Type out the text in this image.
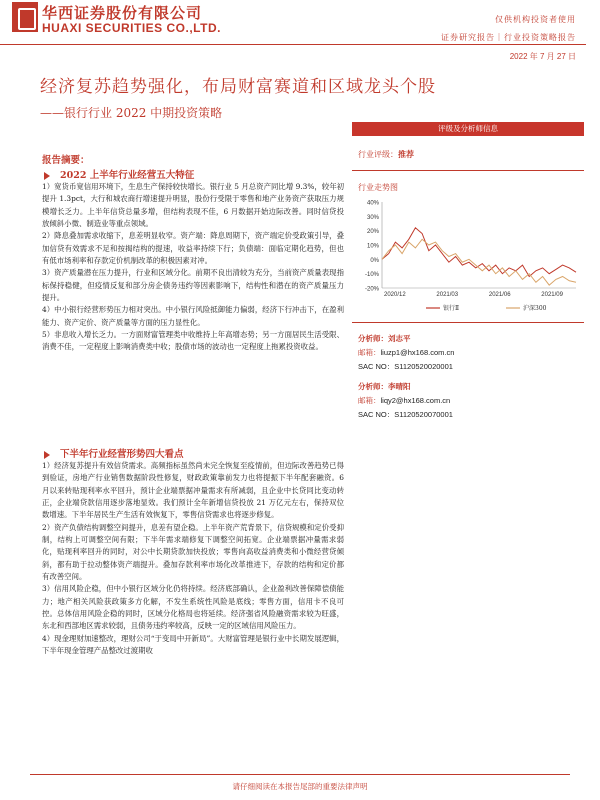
华西证券股份有限公司
HUAXI SECURITIES CO.,LTD.
仅供机构投资者使用
证券研究报告｜行业投资策略报告
2022 年 7 月 27 日
经济复苏趋势强化，布局财富赛道和区域龙头个股
——银行行业 2022 中期投资策略
评级及分析师信息
行业评级：推荐
行业走势图
40%
30%
20%
10%
0%
-10%
-20%
2020/12	2021/03	2021/06	2021/09
银行Ⅱ	沪深300
分析师：刘志平
邮箱：liuzp1@hx168.com.cn
SAC NO：S1120520020001
分析师：李晴阳
邮箱：liqy2@hx168.com.cn
SAC NO：S1120520070001
报告摘要：
2022 上半年行业经营五大特征

1）宽货币宽信用环境下，生息生产保持较快增长。银行业 5 月总资产同比增 9.3%，较年初提升 1.3pct，大行和城农商行增速提升明显，股份行受限于零售和地产业务资产获取压力规模增长乏力。上半年信贷总量多增，但结构表现不佳，6 月数据开始边际改善。同时信贷投放倾斜小微、制造业等重点领域。

2）降息叠加需求收缩下，息差明显收窄。资产端：降息周期下，资产端定价受政策引导，叠加信贷有效需求不足和按揭结构的提速，收益率持续下行；负债端：面临定期化趋势，但也有低市场利率和存款定价机制改革的积极因素对冲。

3）资产质量潜在压力提升，行业和区域分化。前期不良出清较为充分，当前资产质量表现指标保持稳健，但疫情反复和部分房企债务违约等因素影响下，结构性和潜在的资产质量压力提升。

4）中小银行经营形势压力相对突出。中小银行风险抵御能力偏弱，经济下行冲击下，在盈利能力、资产定价、资产质量等方面的压力显性化。

5）非息收入增长乏力。一方面财富管理类中收维持上年高增态势；另一方面居民生活受限、消费不佳，一定程度上影响消费类中收；股债市场的波动也一定程度上拖累投资收益。

下半年行业经营形势四大看点

1）经济复苏提升有效信贷需求。高频指标虽然尚未完全恢复至疫情前，但边际改善趋势已得到验证，房地产行业销售数据阶段性修复，财政政策靠前发力也将提振下半年配套融资。6 月以来转贴现利率水平回升，预计企业端票据冲量需求有所减弱，且企业中长贷同比变动转正，企业端贷款信用逐步落地显效。我们预计全年新增信贷投放 21 万亿元左右，保持双位数增速。下半年居民生产生活有效恢复下，零售信贷需求也将逐步修复。

2）资产负债结构调整空间提升，息差有望企稳。上半年资产荒背景下，信贷规模和定价受抑制，结构上可调整空间有限；下半年需求端修复下调整空间拓宽。企业端票据冲量需求弱化，贴现利率回升的同时，对公中长期贷款加快投放；零售向高收益消费类和小微经营贷倾斜，都有助于拉动整体资产端提升。叠加存款利率市场化改革推进下，存款的结构和定价都有改善空间。

3）信用风险企稳，但中小银行区域分化仍将持续。经济底部确认，企业盈利改善保障偿债能力；地产相关风险获政策多方化解，不发生系统性风险是底线；零售方面，信用卡不良可控。总体信用风险企稳的同时，区域分化格局也将延续。经济强省风险融资需求较为旺盛，东北和西部地区需求较弱，且债务违约率较高，反映一定的区域信用风险压力。

4）现金理财加速整改，理财公司“于变局中开新局”。大财富管理是银行业中长期发展逻辑，下半年现金管理产品整改过渡期收

请仔细阅读在本报告尾部的重要法律声明
